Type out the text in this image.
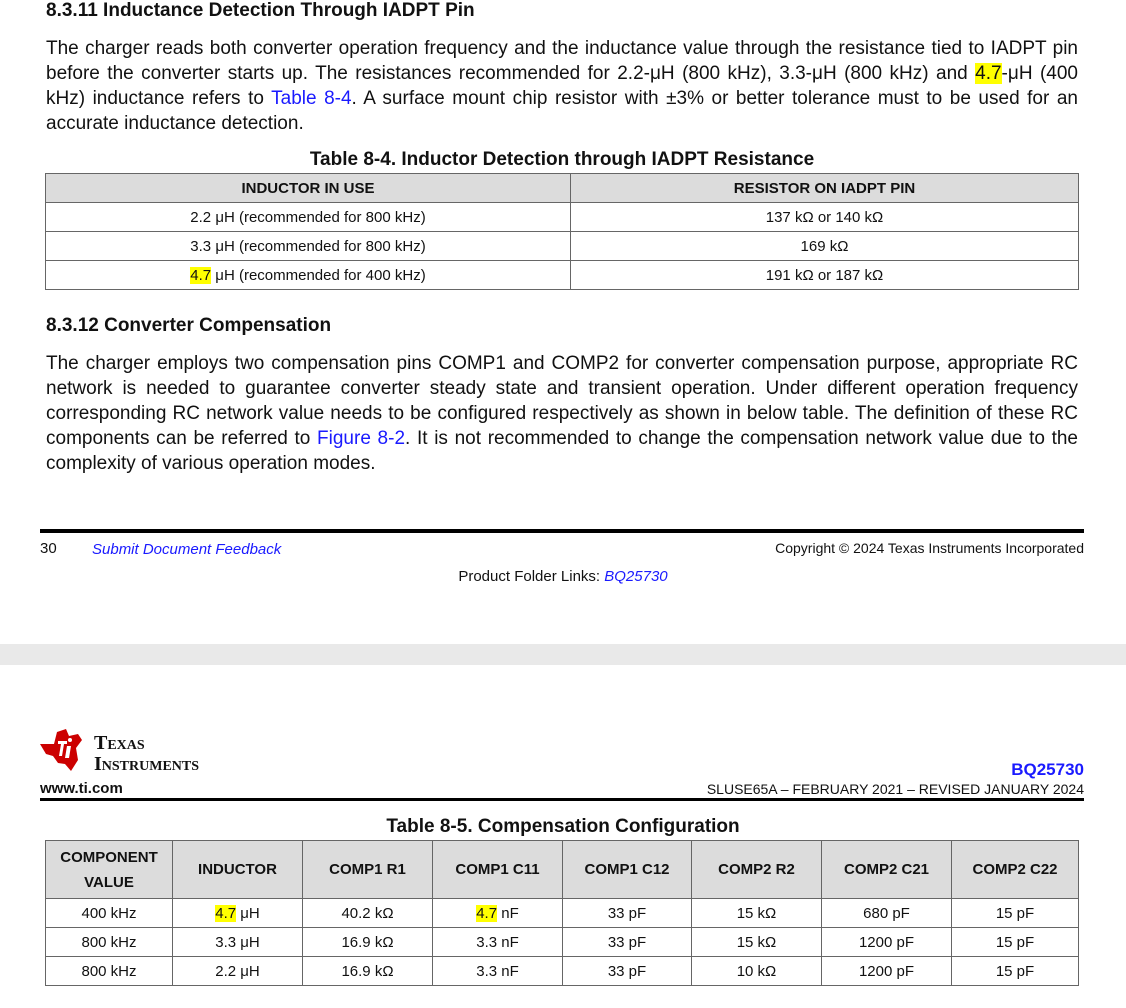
8.3.11 Inductance Detection Through IADPT Pin

The charger reads both converter operation frequency and the inductance value through the resistance tied to IADPT pin before the converter starts up. The resistances recommended for 2.2-μH (800 kHz), 3.3-μH (800 kHz) and 4.7-μH (400 kHz) inductance refers to Table 8-4. A surface mount chip resistor with ±3% or better tolerance must to be used for an accurate inductance detection.

Table 8-4. Inductor Detection through IADPT Resistance
INDUCTOR IN USE	RESISTOR ON IADPT PIN
2.2 μH (recommended for 800 kHz)	137 kΩ or 140 kΩ
3.3 μH (recommended for 800 kHz)	169 kΩ
4.7 μH (recommended for 400 kHz)	191 kΩ or 187 kΩ
8.3.12 Converter Compensation

The charger employs two compensation pins COMP1 and COMP2 for converter compensation purpose, appropriate RC network is needed to guarantee converter steady state and transient operation. Under different operation frequency corresponding RC network value needs to be configured respectively as shown in below table. The definition of these RC components can be referred to Figure 8-2. It is not recommended to change the compensation network value due to the complexity of various operation modes.

30 Submit Document Feedback	Copyright © 2024 Texas Instruments Incorporated
Product Folder Links: BQ25730
Texas
Instruments	BQ25730
www.ti.com	SLUSE65A – FEBRUARY 2021 – REVISED JANUARY 2024
Table 8-5. Compensation Configuration
COMPONENT VALUE	INDUCTOR	COMP1 R1	COMP1 C11	COMP1 C12	COMP2 R2	COMP2 C21	COMP2 C22
400 kHz	4.7 μH	40.2 kΩ	4.7 nF	33 pF	15 kΩ	680 pF	15 pF
800 kHz	3.3 μH	16.9 kΩ	3.3 nF	33 pF	15 kΩ	1200 pF	15 pF
800 kHz	2.2 μH	16.9 kΩ	3.3 nF	33 pF	10 kΩ	1200 pF	15 pF
